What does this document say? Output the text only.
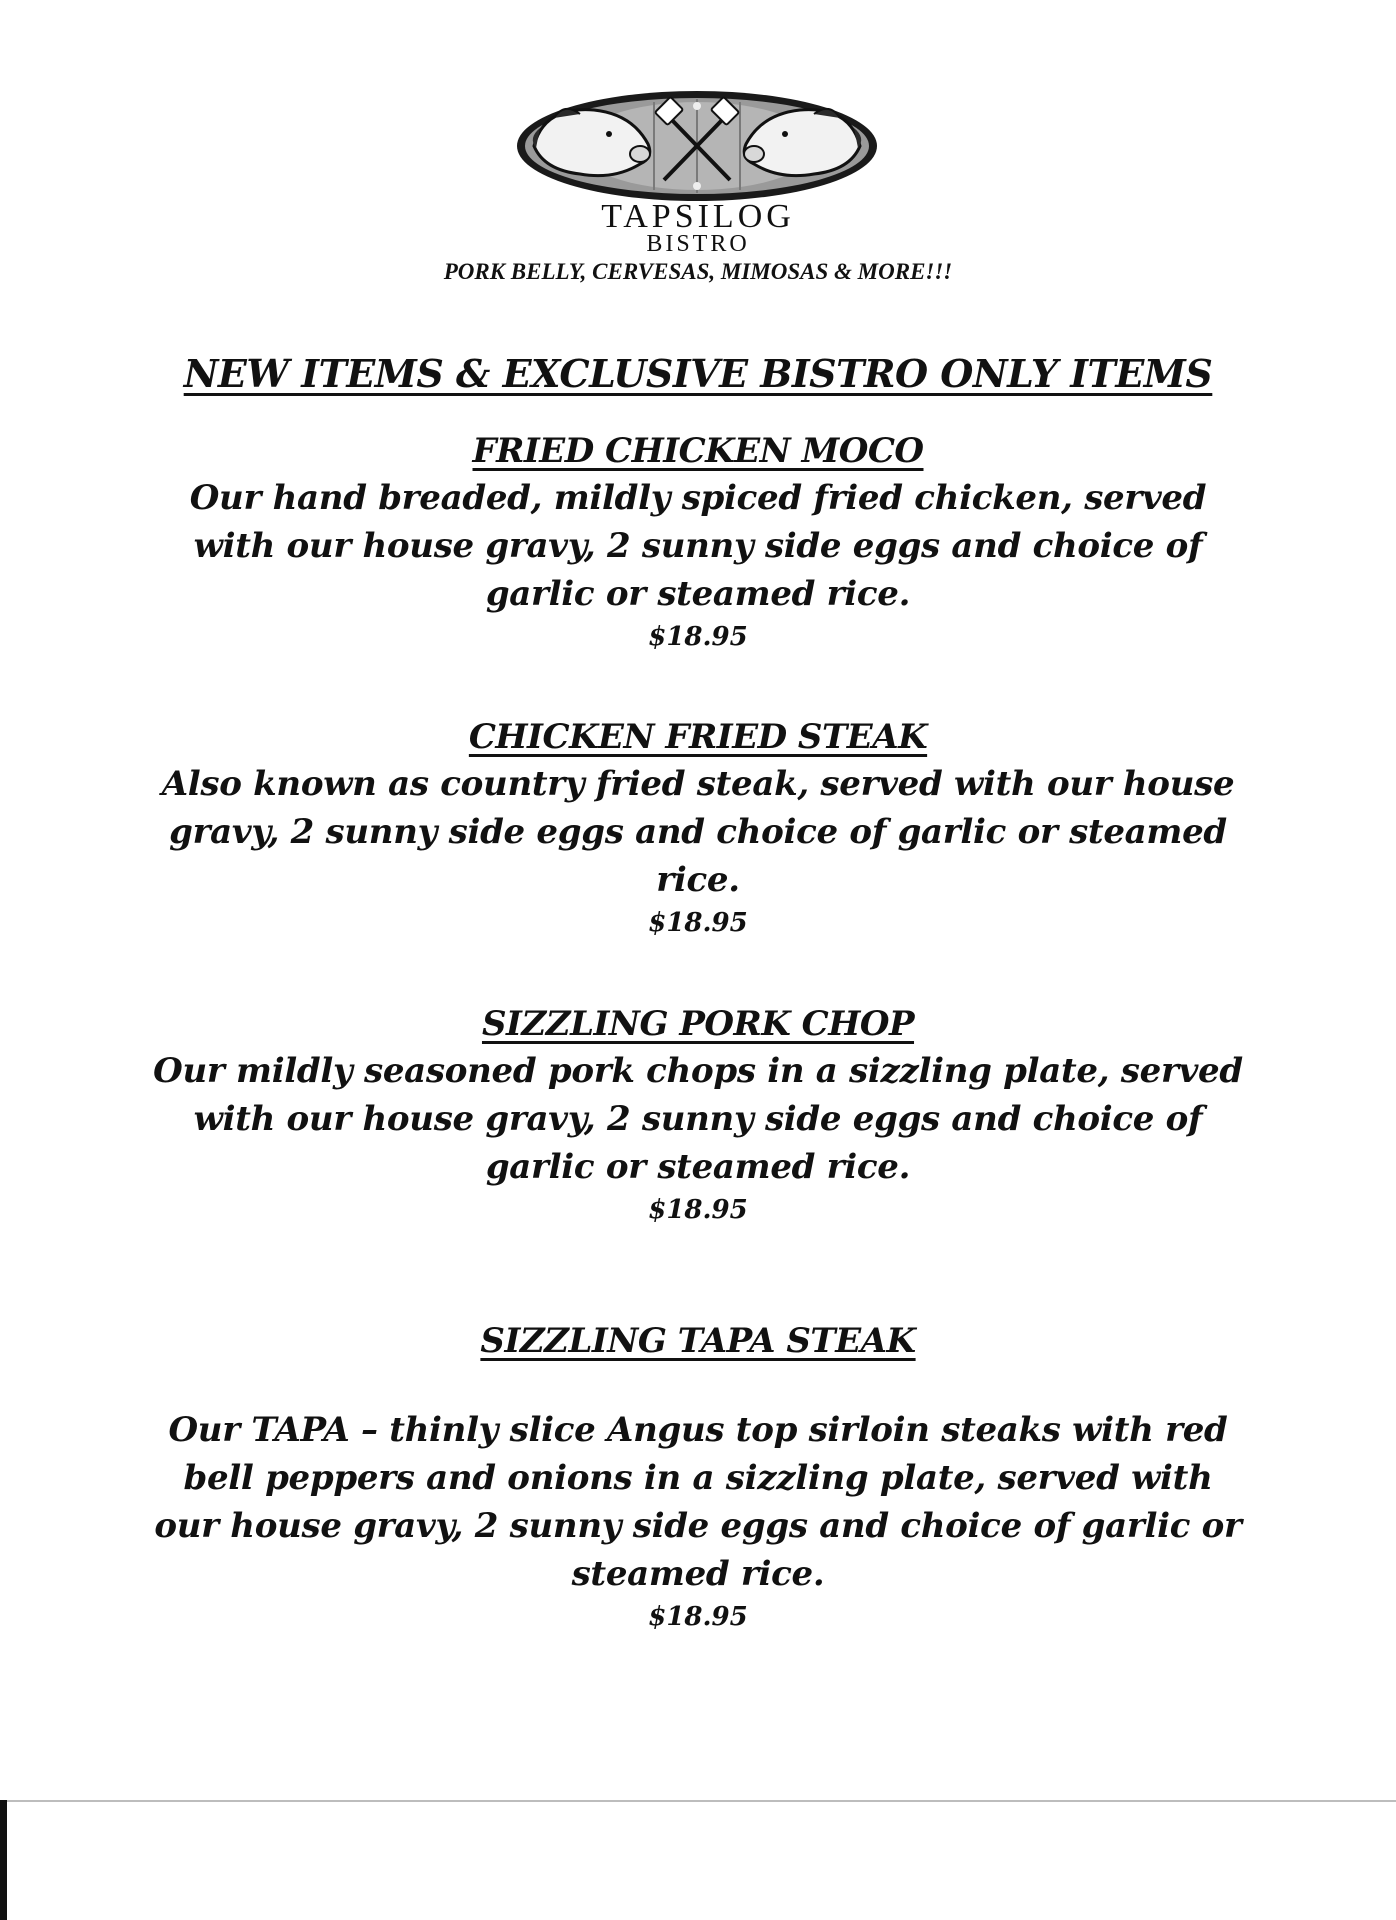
TAPSILOG
BISTRO
PORK BELLY, CERVESAS, MIMOSAS & MORE!!!
NEW ITEMS & EXCLUSIVE BISTRO ONLY ITEMS
FRIED CHICKEN MOCO
Our hand breaded, mildly spiced fried chicken, served with our house gravy, 2 sunny side eggs and choice of garlic or steamed rice.
$18.95
CHICKEN FRIED STEAK
Also known as country fried steak, served with our house gravy, 2 sunny side eggs and choice of garlic or steamed rice.
$18.95
SIZZLING PORK CHOP
Our mildly seasoned pork chops in a sizzling plate, served with our house gravy, 2 sunny side eggs and choice of garlic or steamed rice.
$18.95
SIZZLING TAPA STEAK
Our TAPA – thinly slice Angus top sirloin steaks with red bell peppers and onions in a sizzling plate, served with our house gravy, 2 sunny side eggs and choice of garlic or steamed rice.
$18.95
